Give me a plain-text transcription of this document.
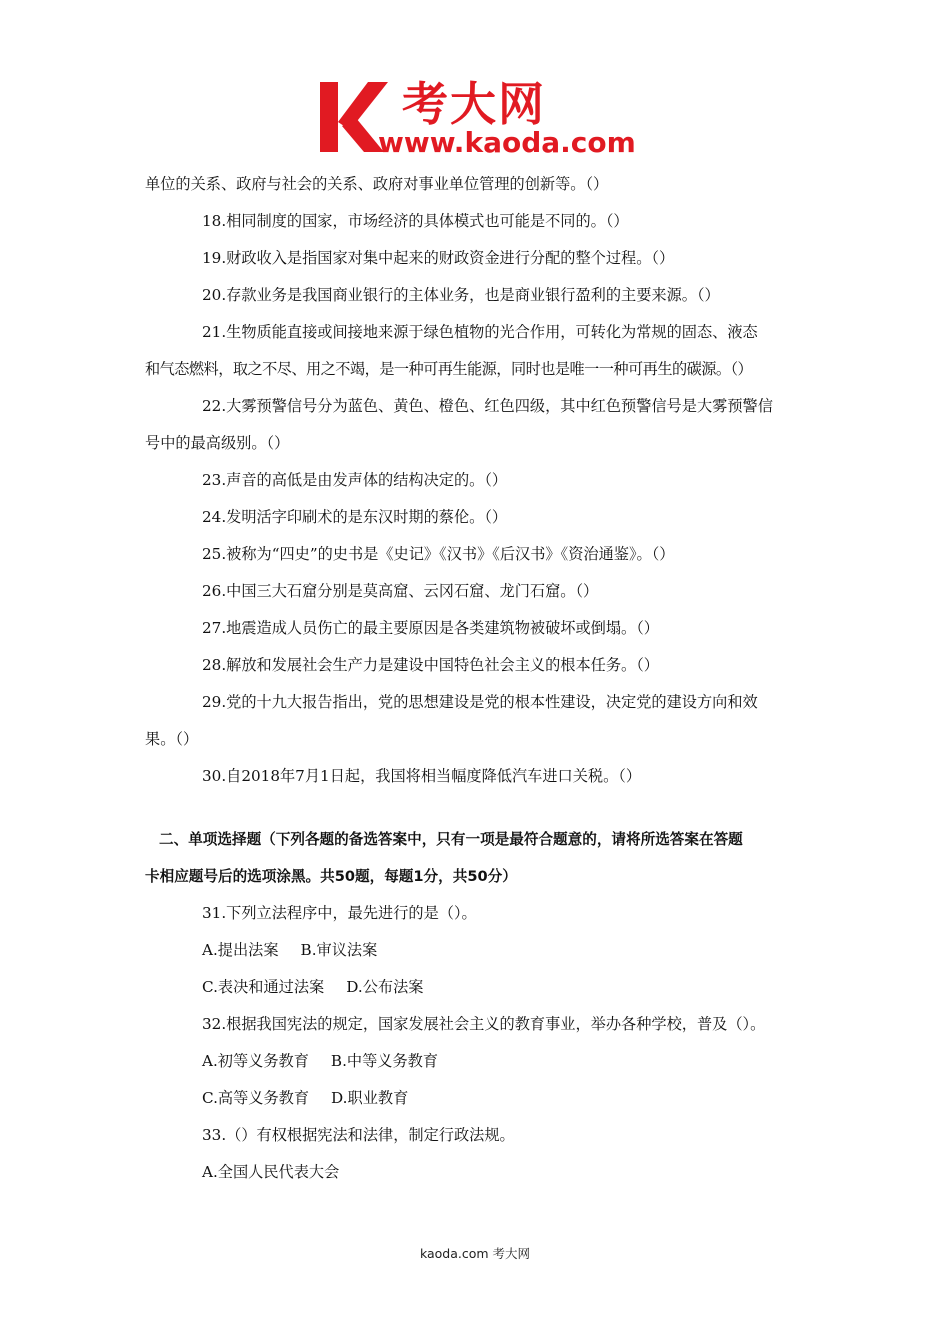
考大网
www.kaoda.com
单位的关系、政府与社会的关系、政府对事业单位管理的创新等。（）
18.相同制度的国家，市场经济的具体模式也可能是不同的。（）
19.财政收入是指国家对集中起来的财政资金进行分配的整个过程。（）
20.存款业务是我国商业银行的主体业务，也是商业银行盈利的主要来源。（）
21.生物质能直接或间接地来源于绿色植物的光合作用，可转化为常规的固态、液态
和气态燃料，取之不尽、用之不竭，是一种可再生能源，同时也是唯一一种可再生的碳源。（）
22.大雾预警信号分为蓝色、黄色、橙色、红色四级，其中红色预警信号是大雾预警信
号中的最高级别。（）
23.声音的高低是由发声体的结构决定的。（）
24.发明活字印刷术的是东汉时期的蔡伦。（）
25.被称为“四史”的史书是《史记》《汉书》《后汉书》《资治通鉴》。（）
26.中国三大石窟分别是莫高窟、云冈石窟、龙门石窟。（）
27.地震造成人员伤亡的最主要原因是各类建筑物被破坏或倒塌。（）
28.解放和发展社会生产力是建设中国特色社会主义的根本任务。（）
29.党的十九大报告指出，党的思想建设是党的根本性建设，决定党的建设方向和效
果。（）
30.自2018年7月1日起，我国将相当幅度降低汽车进口关税。（）
二、单项选择题（下列各题的备选答案中，只有一项是最符合题意的，请将所选答案在答题
卡相应题号后的选项涂黑。共50题，每题1分，共50分）
31.下列立法程序中，最先进行的是（）。
A.提出法案 B.审议法案
C.表决和通过法案 D.公布法案
32.根据我国宪法的规定，国家发展社会主义的教育事业，举办各种学校，普及（）。
A.初等义务教育 B.中等义务教育
C.高等义务教育 D.职业教育
33.（）有权根据宪法和法律，制定行政法规。
A.全国人民代表大会
kaoda.com 考大网
